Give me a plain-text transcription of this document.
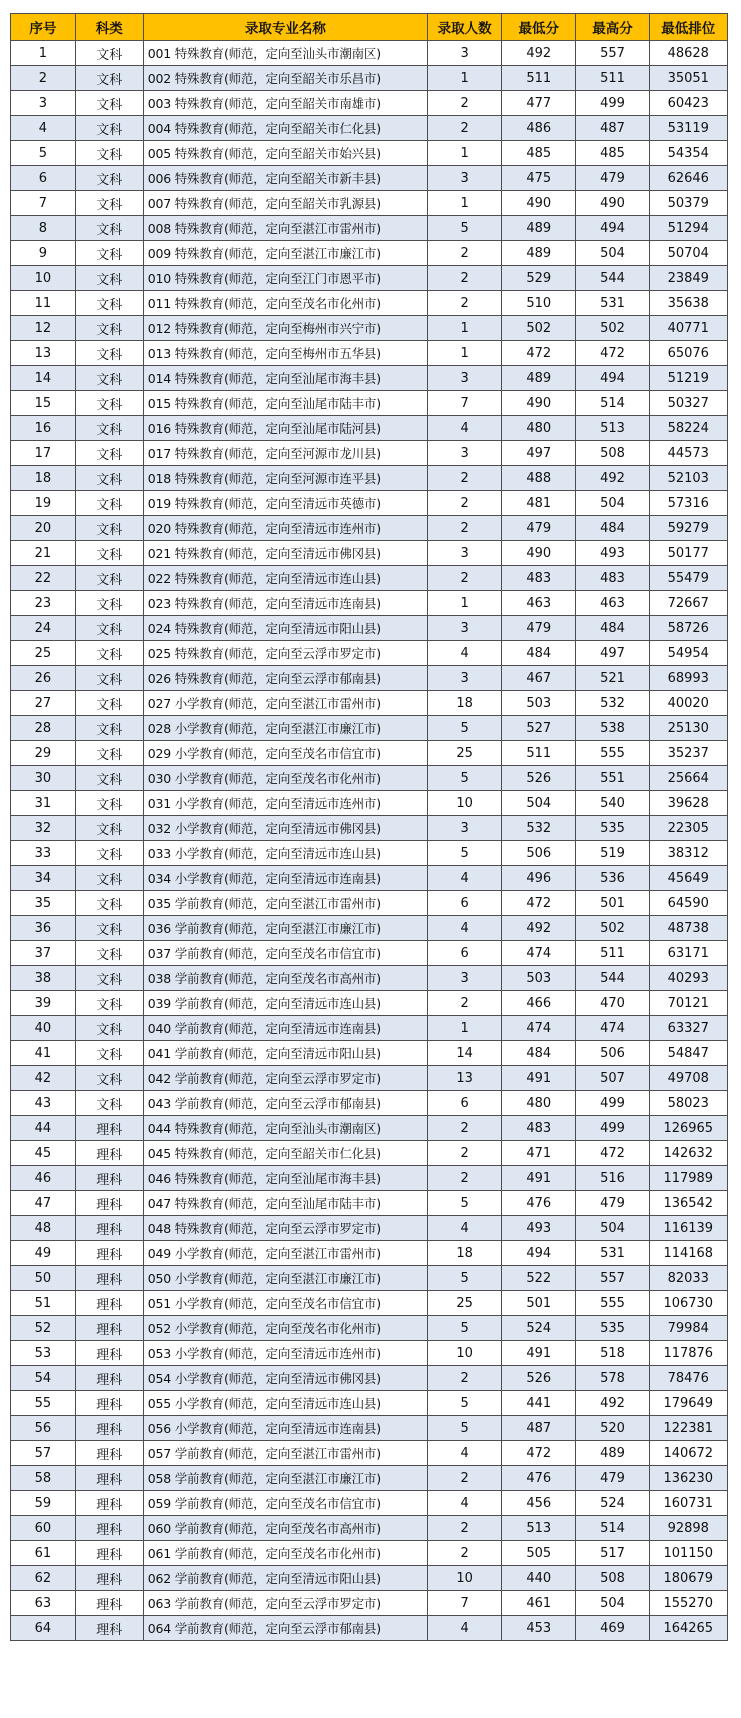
序号	科类	录取专业名称	录取人数	最低分	最高分	最低排位
1	文科	001 特殊教育(师范，定向至汕头市潮南区)	3	492	557	48628
2	文科	002 特殊教育(师范，定向至韶关市乐昌市)	1	511	511	35051
3	文科	003 特殊教育(师范，定向至韶关市南雄市)	2	477	499	60423
4	文科	004 特殊教育(师范，定向至韶关市仁化县)	2	486	487	53119
5	文科	005 特殊教育(师范，定向至韶关市始兴县)	1	485	485	54354
6	文科	006 特殊教育(师范，定向至韶关市新丰县)	3	475	479	62646
7	文科	007 特殊教育(师范，定向至韶关市乳源县)	1	490	490	50379
8	文科	008 特殊教育(师范，定向至湛江市雷州市)	5	489	494	51294
9	文科	009 特殊教育(师范，定向至湛江市廉江市)	2	489	504	50704
10	文科	010 特殊教育(师范，定向至江门市恩平市)	2	529	544	23849
11	文科	011 特殊教育(师范，定向至茂名市化州市)	2	510	531	35638
12	文科	012 特殊教育(师范，定向至梅州市兴宁市)	1	502	502	40771
13	文科	013 特殊教育(师范，定向至梅州市五华县)	1	472	472	65076
14	文科	014 特殊教育(师范，定向至汕尾市海丰县)	3	489	494	51219
15	文科	015 特殊教育(师范，定向至汕尾市陆丰市)	7	490	514	50327
16	文科	016 特殊教育(师范，定向至汕尾市陆河县)	4	480	513	58224
17	文科	017 特殊教育(师范，定向至河源市龙川县)	3	497	508	44573
18	文科	018 特殊教育(师范，定向至河源市连平县)	2	488	492	52103
19	文科	019 特殊教育(师范，定向至清远市英德市)	2	481	504	57316
20	文科	020 特殊教育(师范，定向至清远市连州市)	2	479	484	59279
21	文科	021 特殊教育(师范，定向至清远市佛冈县)	3	490	493	50177
22	文科	022 特殊教育(师范，定向至清远市连山县)	2	483	483	55479
23	文科	023 特殊教育(师范，定向至清远市连南县)	1	463	463	72667
24	文科	024 特殊教育(师范，定向至清远市阳山县)	3	479	484	58726
25	文科	025 特殊教育(师范，定向至云浮市罗定市)	4	484	497	54954
26	文科	026 特殊教育(师范，定向至云浮市郁南县)	3	467	521	68993
27	文科	027 小学教育(师范，定向至湛江市雷州市)	18	503	532	40020
28	文科	028 小学教育(师范，定向至湛江市廉江市)	5	527	538	25130
29	文科	029 小学教育(师范，定向至茂名市信宜市)	25	511	555	35237
30	文科	030 小学教育(师范，定向至茂名市化州市)	5	526	551	25664
31	文科	031 小学教育(师范，定向至清远市连州市)	10	504	540	39628
32	文科	032 小学教育(师范，定向至清远市佛冈县)	3	532	535	22305
33	文科	033 小学教育(师范，定向至清远市连山县)	5	506	519	38312
34	文科	034 小学教育(师范，定向至清远市连南县)	4	496	536	45649
35	文科	035 学前教育(师范，定向至湛江市雷州市)	6	472	501	64590
36	文科	036 学前教育(师范，定向至湛江市廉江市)	4	492	502	48738
37	文科	037 学前教育(师范，定向至茂名市信宜市)	6	474	511	63171
38	文科	038 学前教育(师范，定向至茂名市高州市)	3	503	544	40293
39	文科	039 学前教育(师范，定向至清远市连山县)	2	466	470	70121
40	文科	040 学前教育(师范，定向至清远市连南县)	1	474	474	63327
41	文科	041 学前教育(师范，定向至清远市阳山县)	14	484	506	54847
42	文科	042 学前教育(师范，定向至云浮市罗定市)	13	491	507	49708
43	文科	043 学前教育(师范，定向至云浮市郁南县)	6	480	499	58023
44	理科	044 特殊教育(师范，定向至汕头市潮南区)	2	483	499	126965
45	理科	045 特殊教育(师范，定向至韶关市仁化县)	2	471	472	142632
46	理科	046 特殊教育(师范，定向至汕尾市海丰县)	2	491	516	117989
47	理科	047 特殊教育(师范，定向至汕尾市陆丰市)	5	476	479	136542
48	理科	048 特殊教育(师范，定向至云浮市罗定市)	4	493	504	116139
49	理科	049 小学教育(师范，定向至湛江市雷州市)	18	494	531	114168
50	理科	050 小学教育(师范，定向至湛江市廉江市)	5	522	557	82033
51	理科	051 小学教育(师范，定向至茂名市信宜市)	25	501	555	106730
52	理科	052 小学教育(师范，定向至茂名市化州市)	5	524	535	79984
53	理科	053 小学教育(师范，定向至清远市连州市)	10	491	518	117876
54	理科	054 小学教育(师范，定向至清远市佛冈县)	2	526	578	78476
55	理科	055 小学教育(师范，定向至清远市连山县)	5	441	492	179649
56	理科	056 小学教育(师范，定向至清远市连南县)	5	487	520	122381
57	理科	057 学前教育(师范，定向至湛江市雷州市)	4	472	489	140672
58	理科	058 学前教育(师范，定向至湛江市廉江市)	2	476	479	136230
59	理科	059 学前教育(师范，定向至茂名市信宜市)	4	456	524	160731
60	理科	060 学前教育(师范，定向至茂名市高州市)	2	513	514	92898
61	理科	061 学前教育(师范，定向至茂名市化州市)	2	505	517	101150
62	理科	062 学前教育(师范，定向至清远市阳山县)	10	440	508	180679
63	理科	063 学前教育(师范，定向至云浮市罗定市)	7	461	504	155270
64	理科	064 学前教育(师范，定向至云浮市郁南县)	4	453	469	164265
